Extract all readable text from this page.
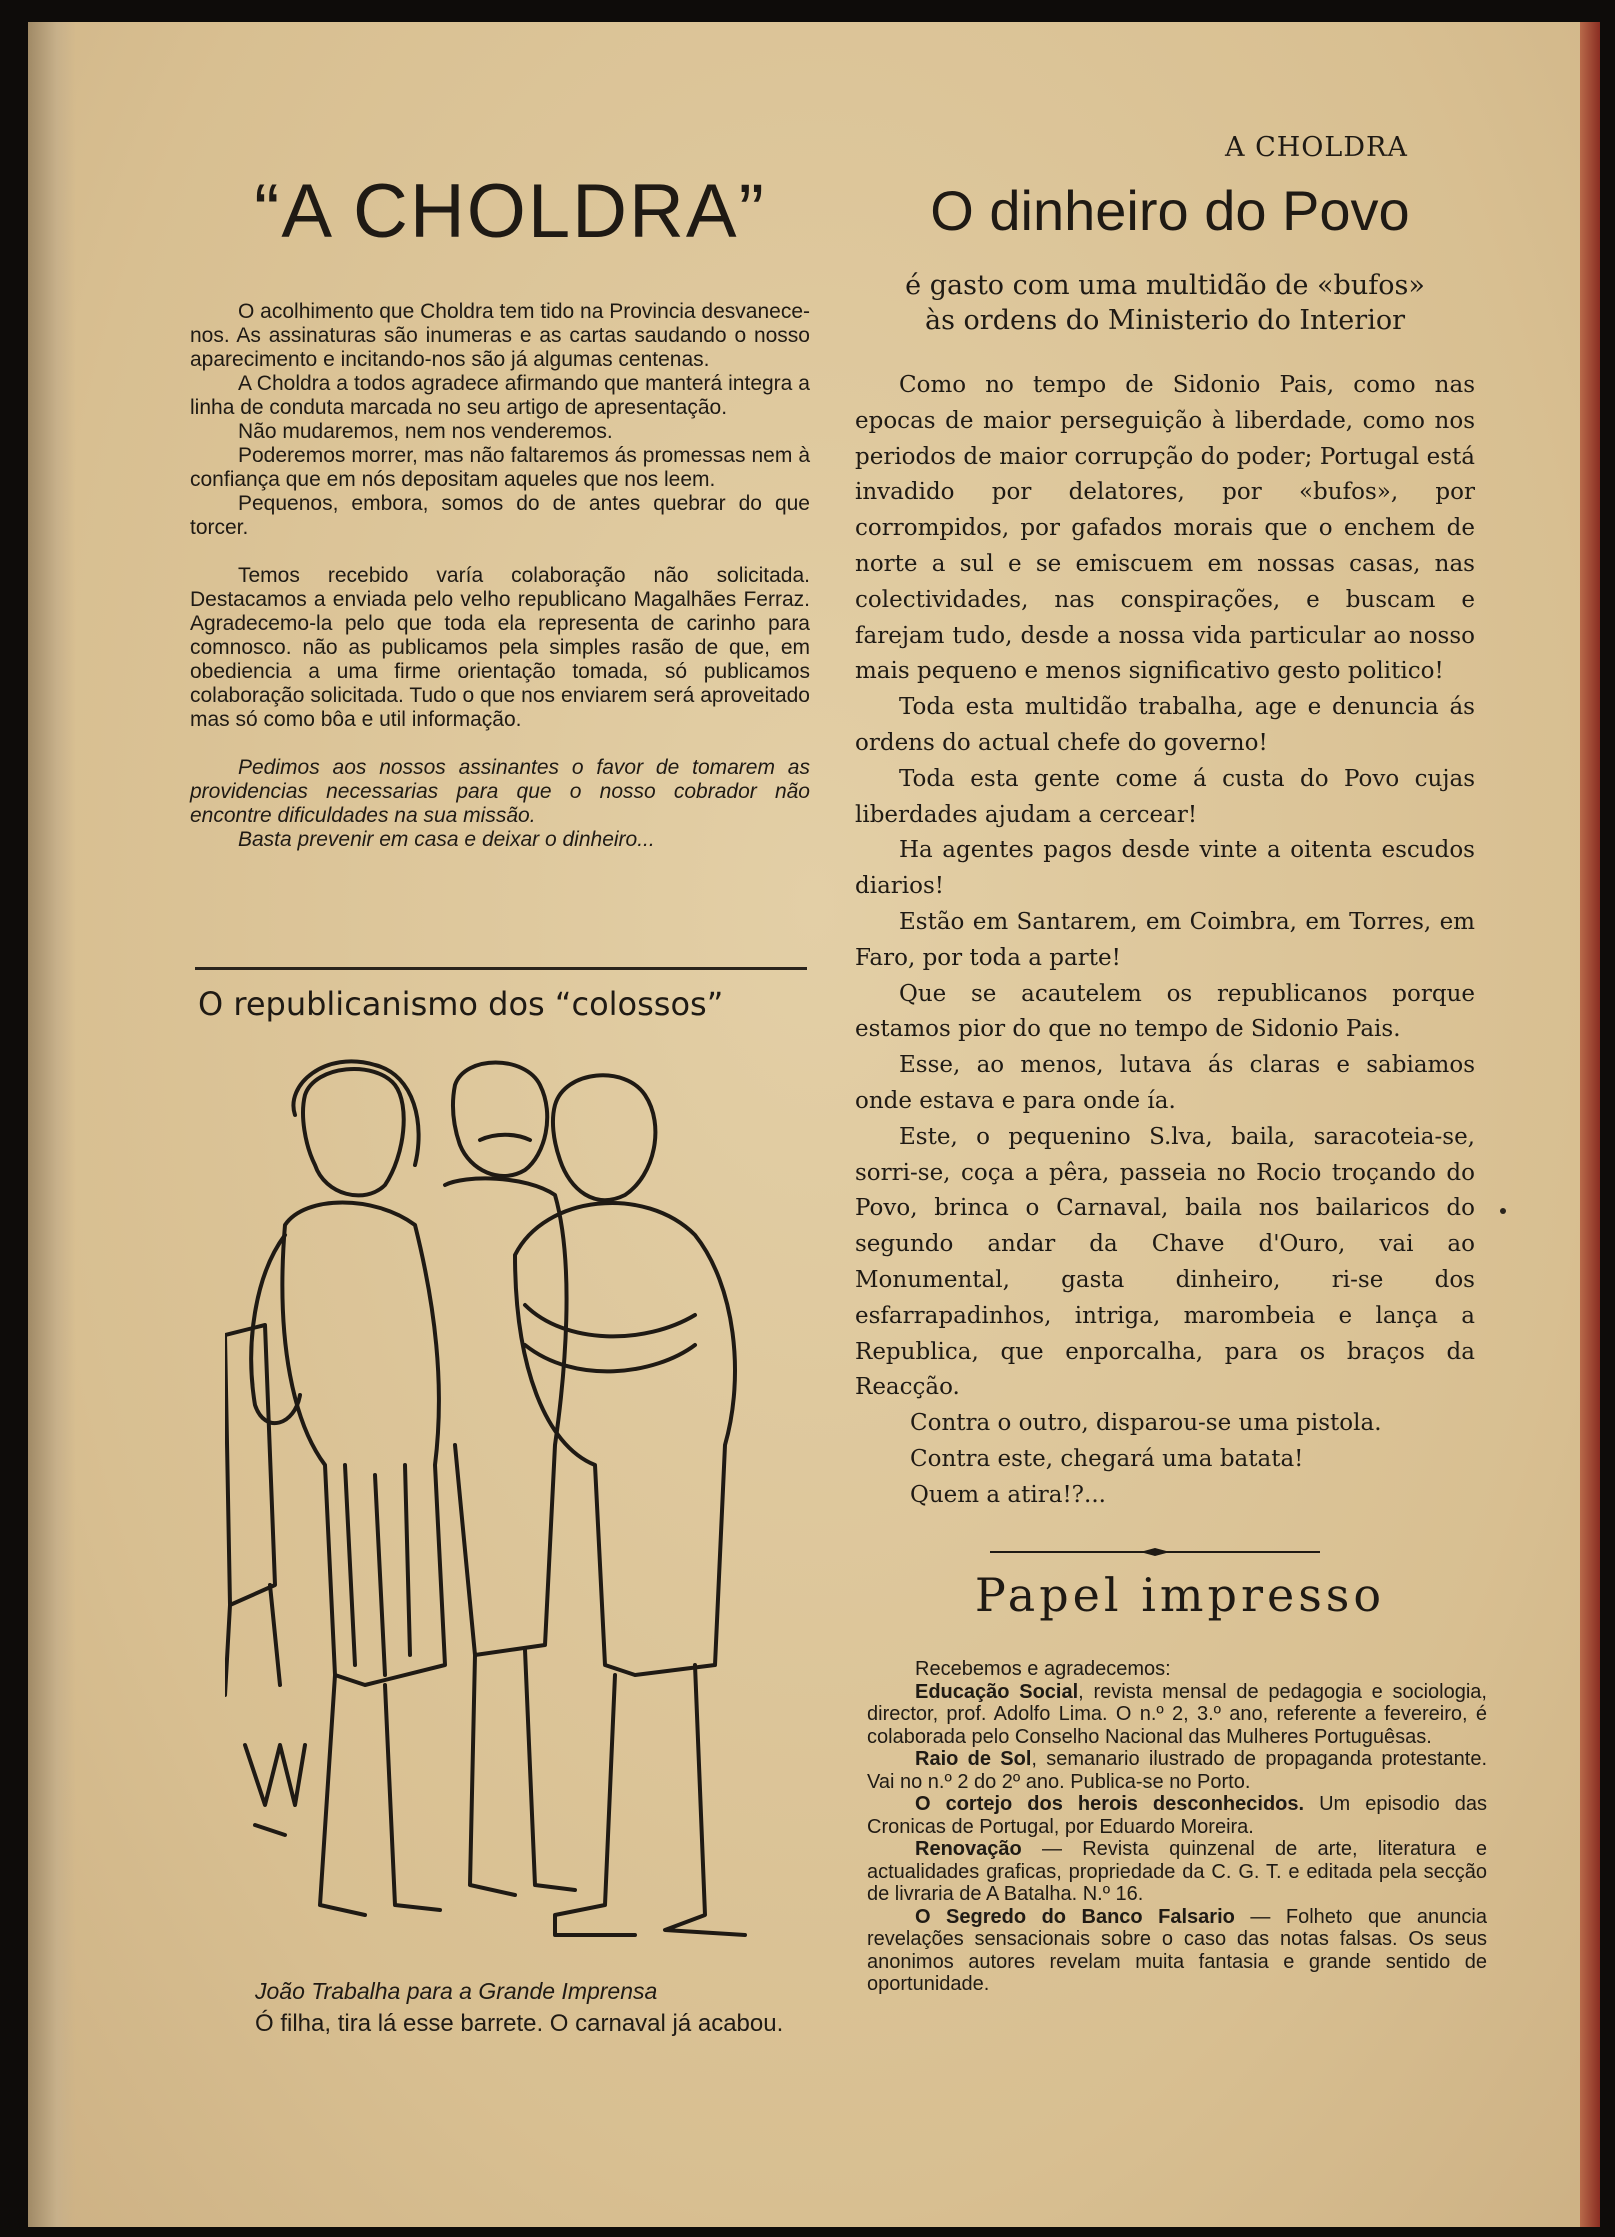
A CHOLDRA
“A CHOLDRA”

O acolhimento que Choldra tem tido na Provincia desvanece-nos. As assinaturas são inumeras e as cartas saudando o nosso aparecimento e incitando-nos são já algumas centenas.

A Choldra a todos agradece afirmando que manterá integra a linha de conduta marcada no seu artigo de apresentação.

Não mudaremos, nem nos venderemos.

Poderemos morrer, mas não faltaremos ás promessas nem à confiança que em nós depositam aqueles que nos leem.

Pequenos, embora, somos do de antes quebrar do que torcer.

Temos recebido varía colaboração não solicitada. Destacamos a enviada pelo velho republicano Magalhães Ferraz. Agradecemo-la pelo que toda ela representa de carinho para comnosco. não as publicamos pela simples rasão de que, em obediencia a uma firme orientação tomada, só publicamos colaboração solicitada. Tudo o que nos enviarem será aproveitado mas só como bôa e util informação.

Pedimos aos nossos assinantes o favor de tomarem as providencias necessarias para que o nosso cobrador não encontre dificuldades na sua missão.

Basta prevenir em casa e deixar o dinheiro...

O republicanismo dos “colossos”
João Trabalha para a Grande Imprensa
Ó filha, tira lá esse barrete. O carnaval já acabou.
O dinheiro do Povo
é gasto com uma multidão de «bufos»
às ordens do Ministerio do Interior

Como no tempo de Sidonio Pais, como nas epocas de maior perseguição à liberdade, como nos periodos de maior corrupção do poder; Portugal está invadido por delatores, por «bufos», por corrompidos, por gafados morais que o enchem de norte a sul e se emiscuem em nossas casas, nas colectividades, nas conspirações, e buscam e farejam tudo, desde a nossa vida particular ao nosso mais pequeno e menos significativo gesto politico!

Toda esta multidão trabalha, age e denuncia ás ordens do actual chefe do governo!

Toda esta gente come á custa do Povo cujas liberdades ajudam a cercear!

Ha agentes pagos desde vinte a oitenta escudos diarios!

Estão em Santarem, em Coimbra, em Torres, em Faro, por toda a parte!

Que se acautelem os republicanos porque estamos pior do que no tempo de Sidonio Pais.

Esse, ao menos, lutava ás claras e sabiamos onde estava e para onde ía.

Este, o pequenino S.lva, baila, saracoteia-se, sorri-se, coça a pêra, passeia no Rocio troçando do Povo, brinca o Carnaval, baila nos bailaricos do segundo andar da Chave d'Ouro, vai ao Monumental, gasta dinheiro, ri-se dos esfarrapadinhos, intriga, marombeia e lança a Republica, que enporcalha, para os braços da Reacção.

Contra o outro, disparou-se uma pistola.

Contra este, chegará uma batata!

Quem a atira!?...

Papel impresso

Recebemos e agradecemos:

Educação Social, revista mensal de pedagogia e sociologia, director, prof. Adolfo Lima. O n.º 2, 3.º ano, referente a fevereiro, é colaborada pelo Conselho Nacional das Mulheres Portuguêsas.

Raio de Sol, semanario ilustrado de propaganda protestante. Vai no n.º 2 do 2º ano. Publica-se no Porto.

O cortejo dos herois desconhecidos. Um episodio das Cronicas de Portugal, por Eduardo Moreira.

Renovação — Revista quinzenal de arte, literatura e actualidades graficas, propriedade da C. G. T. e editada pela secção de livraria de A Batalha. N.º 16.

O Segredo do Banco Falsario — Folheto que anuncia revelações sensacionais sobre o caso das notas falsas. Os seus anonimos autores revelam muita fantasia e grande sentido de oportunidade.
